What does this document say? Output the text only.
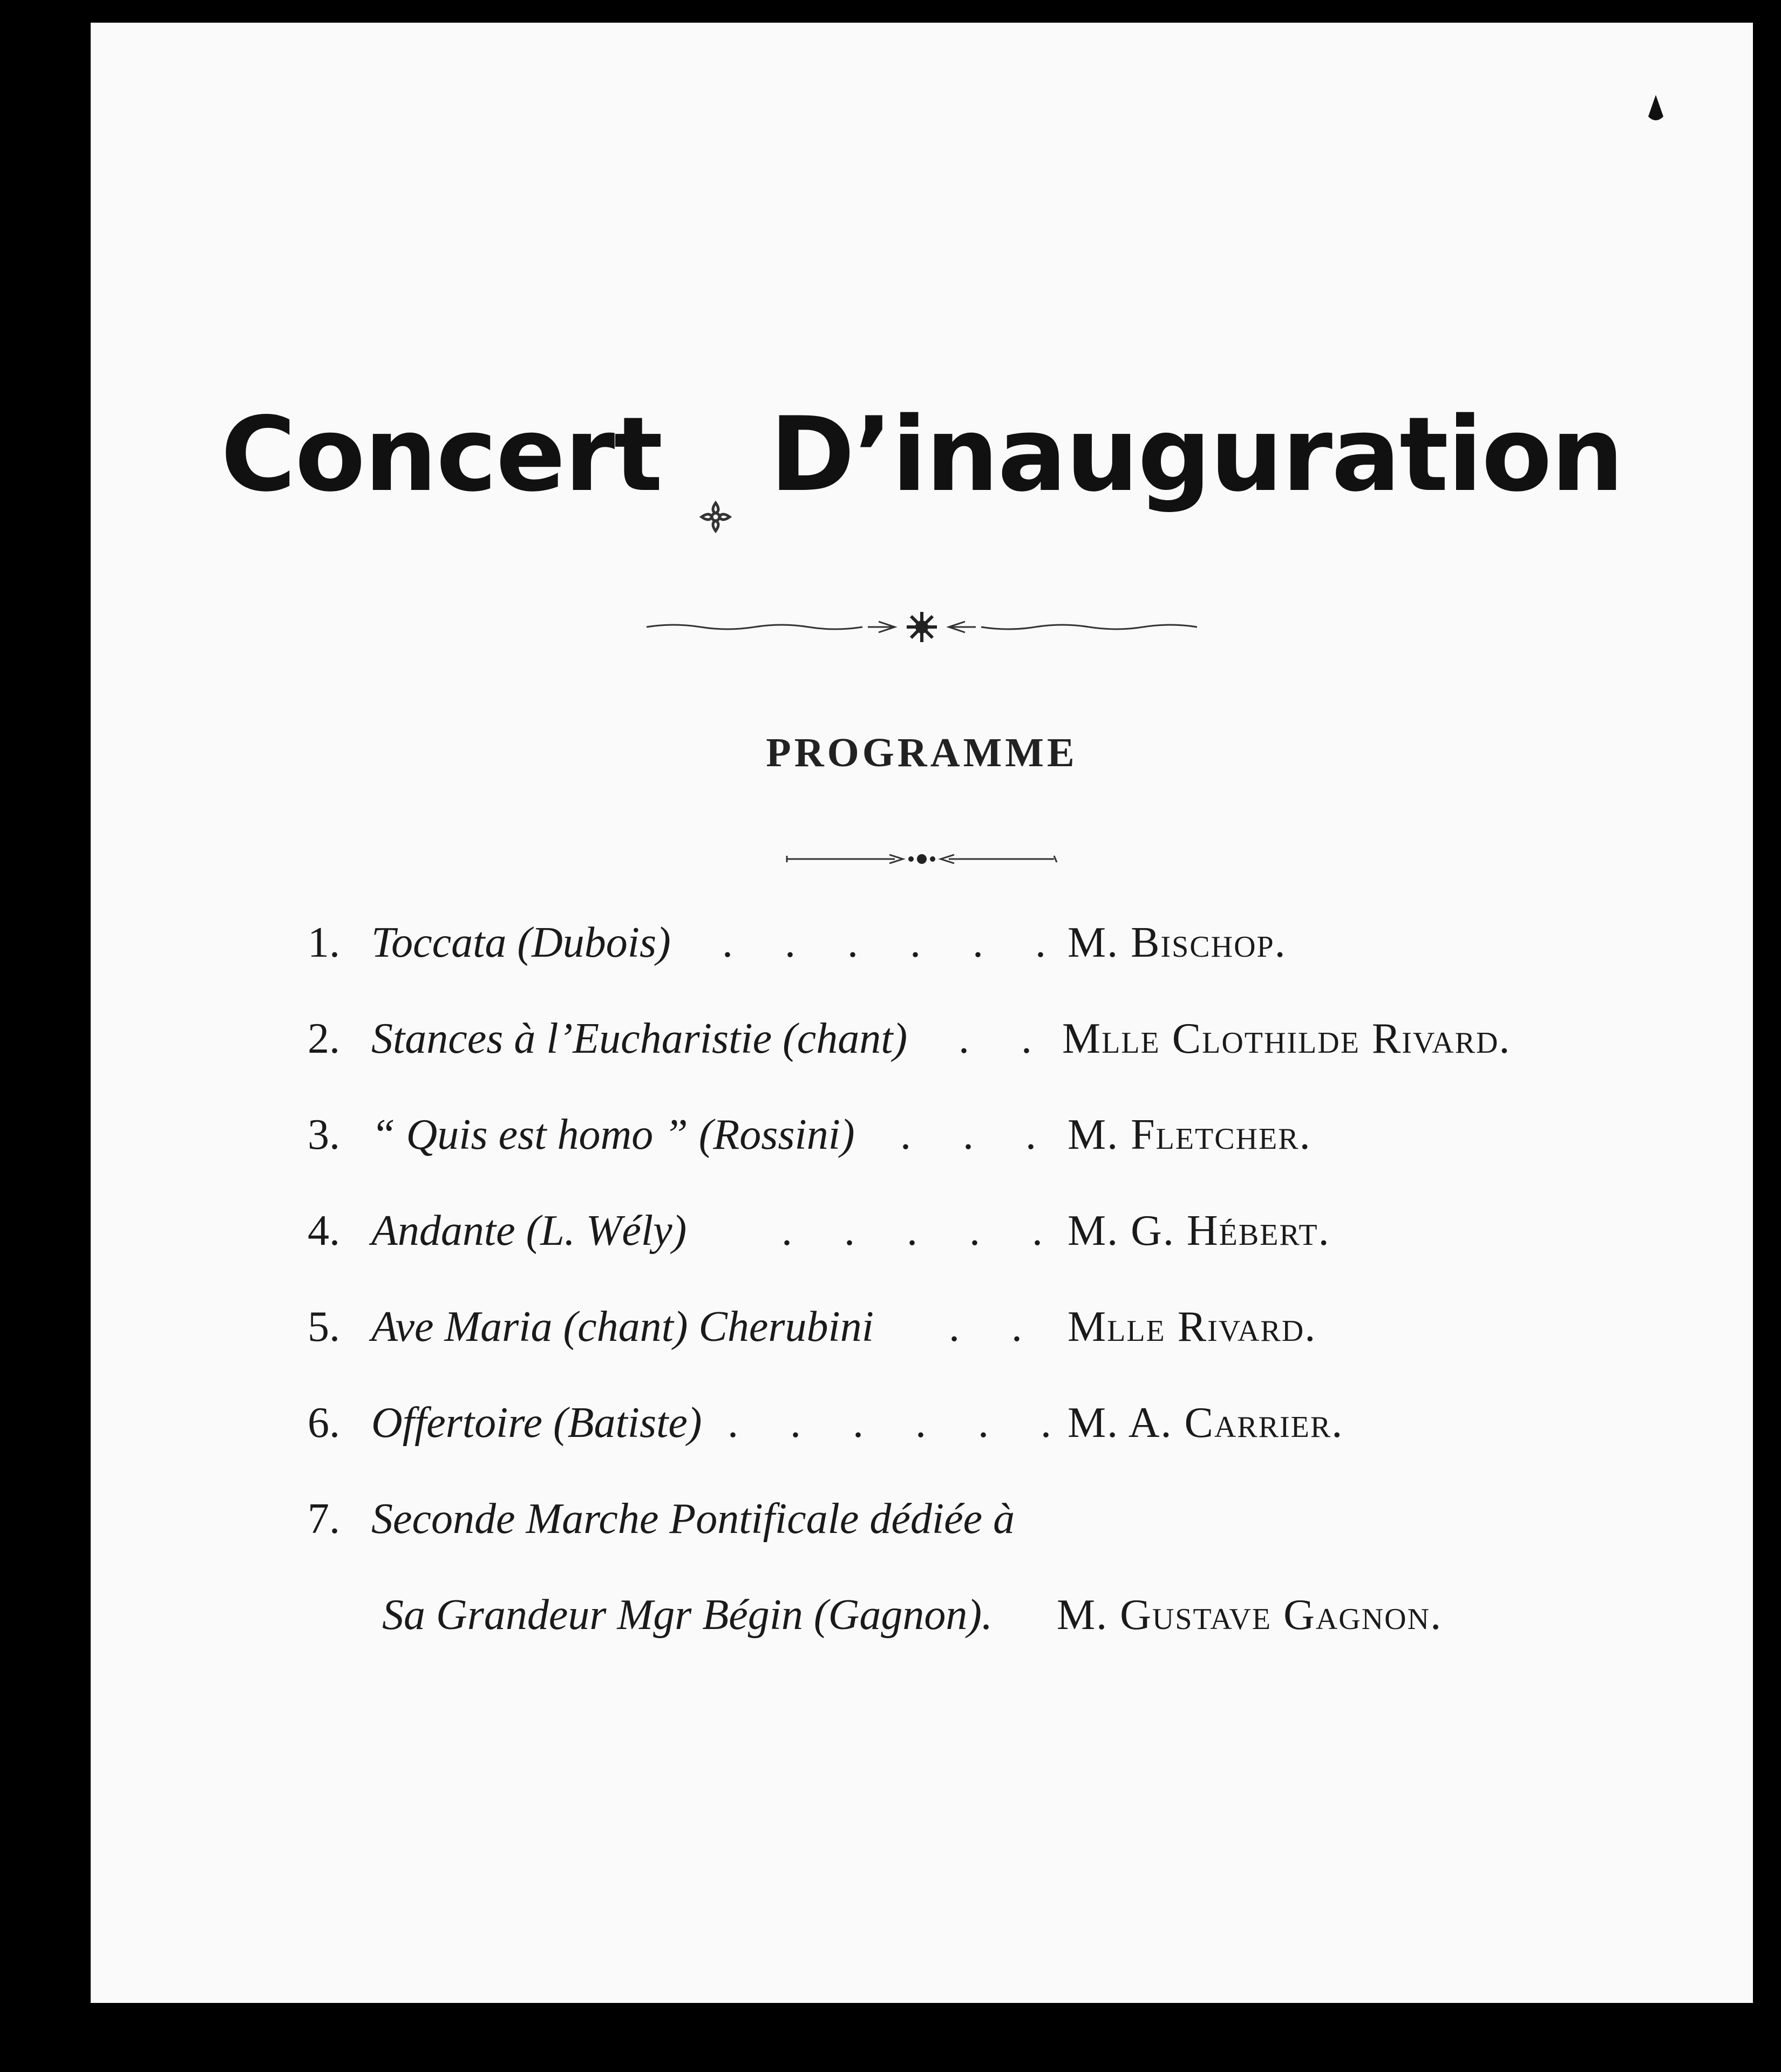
Concert D’inauguration
PROGRAMME
1. Toccata (Dubois) . . . . . . M. Bischop.
2. Stances à l’Eucharistie (chant) . . Mlle Clothilde Rivard.
3. “ Quis est homo ” (Rossini) . . . M. Fletcher.
4. Andante (L. Wély) . . . . . M. G. Hébert.
5. Ave Maria (chant) Cherubini . . Mlle Rivard.
6. Offertoire (Batiste) . . . . . .
M. A. Carrier.
7. Seconde Marche Pontificale dédiée à
Sa Grandeur Mgr Bégin (Gagnon). M. Gustave Gagnon.
